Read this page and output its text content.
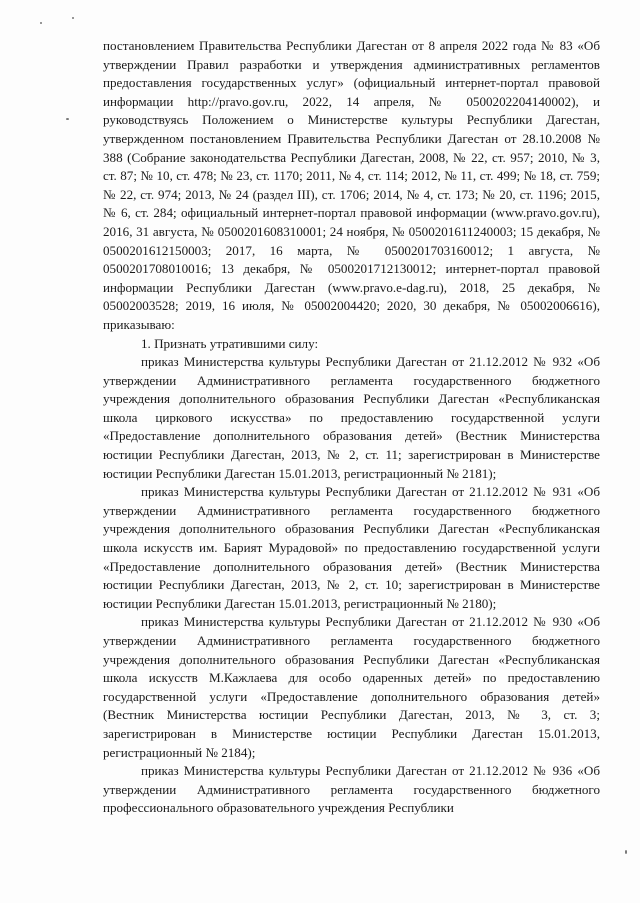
постановлением Правительства Республики Дагестан от 8 апреля 2022 года № 83 «Об утверждении Правил разработки и утверждения административных регламентов предоставления государственных услуг» (официальный интернет-портал правовой информации http://pravo.gov.ru, 2022, 14 апреля, № 0500202204140002), и руководствуясь Положением о Министерстве культуры Республики Дагестан, утвержденном постановлением Правительства Республики Дагестан от 28.10.2008 № 388 (Собрание законодательства Республики Дагестан, 2008, № 22, ст. 957; 2010, № 3, ст. 87; № 10, ст. 478; № 23, ст. 1170; 2011, № 4, ст. 114; 2012, № 11, ст. 499; № 18, ст. 759; № 22, ст. 974; 2013, № 24 (раздел III), ст. 1706; 2014, № 4, ст. 173; № 20, ст. 1196; 2015, № 6, ст. 284; официальный интернет-портал правовой информации (www.pravo.gov.ru), 2016, 31 августа, № 0500201608310001; 24 ноября, № 0500201611240003; 15 декабря, № 0500201612150003; 2017, 16 марта, № 0500201703160012; 1 августа, № 0500201708010016; 13 декабря, № 0500201712130012; интернет-портал правовой информации Республики Дагестан (www.pravo.e-dag.ru), 2018, 25 декабря, № 05002003528; 2019, 16 июля, № 05002004420; 2020, 30 декабря, № 05002006616), приказываю:

1. Признать утратившими силу:

приказ Министерства культуры Республики Дагестан от 21.12.2012 № 932 «Об утверждении Административного регламента государственного бюджетного учреждения дополнительного образования Республики Дагестан «Республиканская школа циркового искусства» по предоставлению государственной услуги «Предоставление дополнительного образования детей» (Вестник Министерства юстиции Республики Дагестан, 2013, № 2, ст. 11; зарегистрирован в Министерстве юстиции Республики Дагестан 15.01.2013, регистрационный № 2181);

приказ Министерства культуры Республики Дагестан от 21.12.2012 № 931 «Об утверждении Административного регламента государственного бюджетного учреждения дополнительного образования Республики Дагестан «Республиканская школа искусств им. Барият Мурадовой» по предоставлению государственной услуги «Предоставление дополнительного образования детей» (Вестник Министерства юстиции Республики Дагестан, 2013, № 2, ст. 10; зарегистрирован в Министерстве юстиции Республики Дагестан 15.01.2013, регистрационный № 2180);

приказ Министерства культуры Республики Дагестан от 21.12.2012 № 930 «Об утверждении Административного регламента государственного бюджетного учреждения дополнительного образования Республики Дагестан «Республиканская школа искусств М.Кажлаева для особо одаренных детей» по предоставлению государственной услуги «Предоставление дополнительного образования детей» (Вестник Министерства юстиции Республики Дагестан, 2013, № 3, ст. 3; зарегистрирован в Министерстве юстиции Республики Дагестан 15.01.2013, регистрационный № 2184);

приказ Министерства культуры Республики Дагестан от 21.12.2012 № 936 «Об утверждении Административного регламента государственного бюджетного профессионального образовательного учреждения Республики
